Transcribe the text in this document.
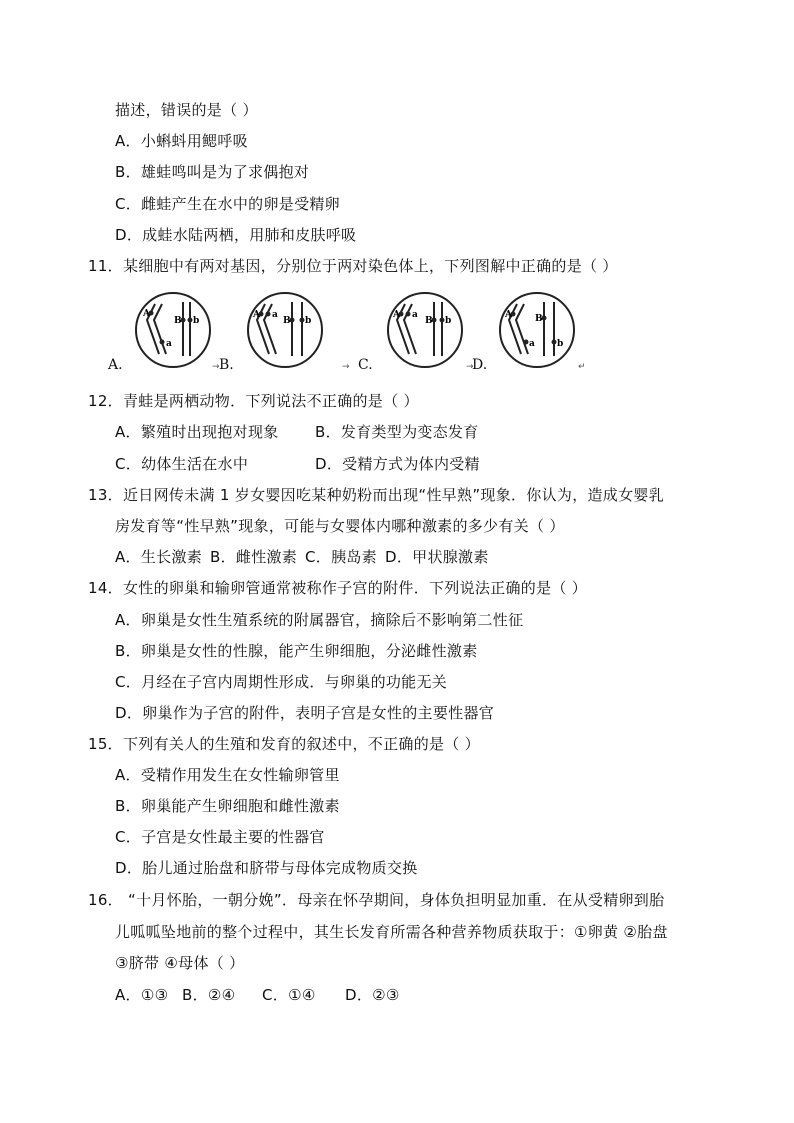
描述，错误的是（ ）
A．小蝌蚪用鳃呼吸
B．雄蛙鸣叫是为了求偶抱对
C．雌蛙产生在水中的卵是受精卵
D．成蛙水陆两栖，用肺和皮肤呼吸
11．某细胞中有两对基因，分别位于两对染色体上，下列图解中正确的是（ ）
A.	→ B.	→ C.	→
D.	↵
A
a
B b
A a
B b
A a
B b
A
a
B
b
12．青蛙是两栖动物．下列说法不正确的是（ ）
A．繁殖时出现抱对现象 B．发育类型为变态发育
C．幼体生活在水中	D．受精方式为体内受精
13．近日网传未满 1 岁女婴因吃某种奶粉而出现“性早熟”现象．你认为，造成女婴乳
房发育等“性早熟”现象，可能与女婴体内哪种激素的多少有关（ ）
A．生长激素 B．雌性激素 C．胰岛素 D．甲状腺激素
14．女性的卵巢和输卵管通常被称作子宫的附件．下列说法正确的是（ ）
A．卵巢是女性生殖系统的附属器官，摘除后不影响第二性征
B．卵巢是女性的性腺，能产生卵细胞，分泌雌性激素
C．月经在子宫内周期性形成．与卵巢的功能无关
D．卵巢作为子宫的附件，表明子宫是女性的主要性器官
15．下列有关人的生殖和发育的叙述中，不正确的是（ ）
A．受精作用发生在女性输卵管里
B．卵巢能产生卵细胞和雌性激素
C．子宫是女性最主要的性器官
D．胎儿通过胎盘和脐带与母体完成物质交换
16． “十月怀胎，一朝分娩”．母亲在怀孕期间，身体负担明显加重．在从受精卵到胎
儿呱呱坠地前的整个过程中，其生长发育所需各种营养物质获取于：①卵黄 ②胎盘
③脐带 ④母体（ ）
A．①③ B．②④ C．①④ D．②③
